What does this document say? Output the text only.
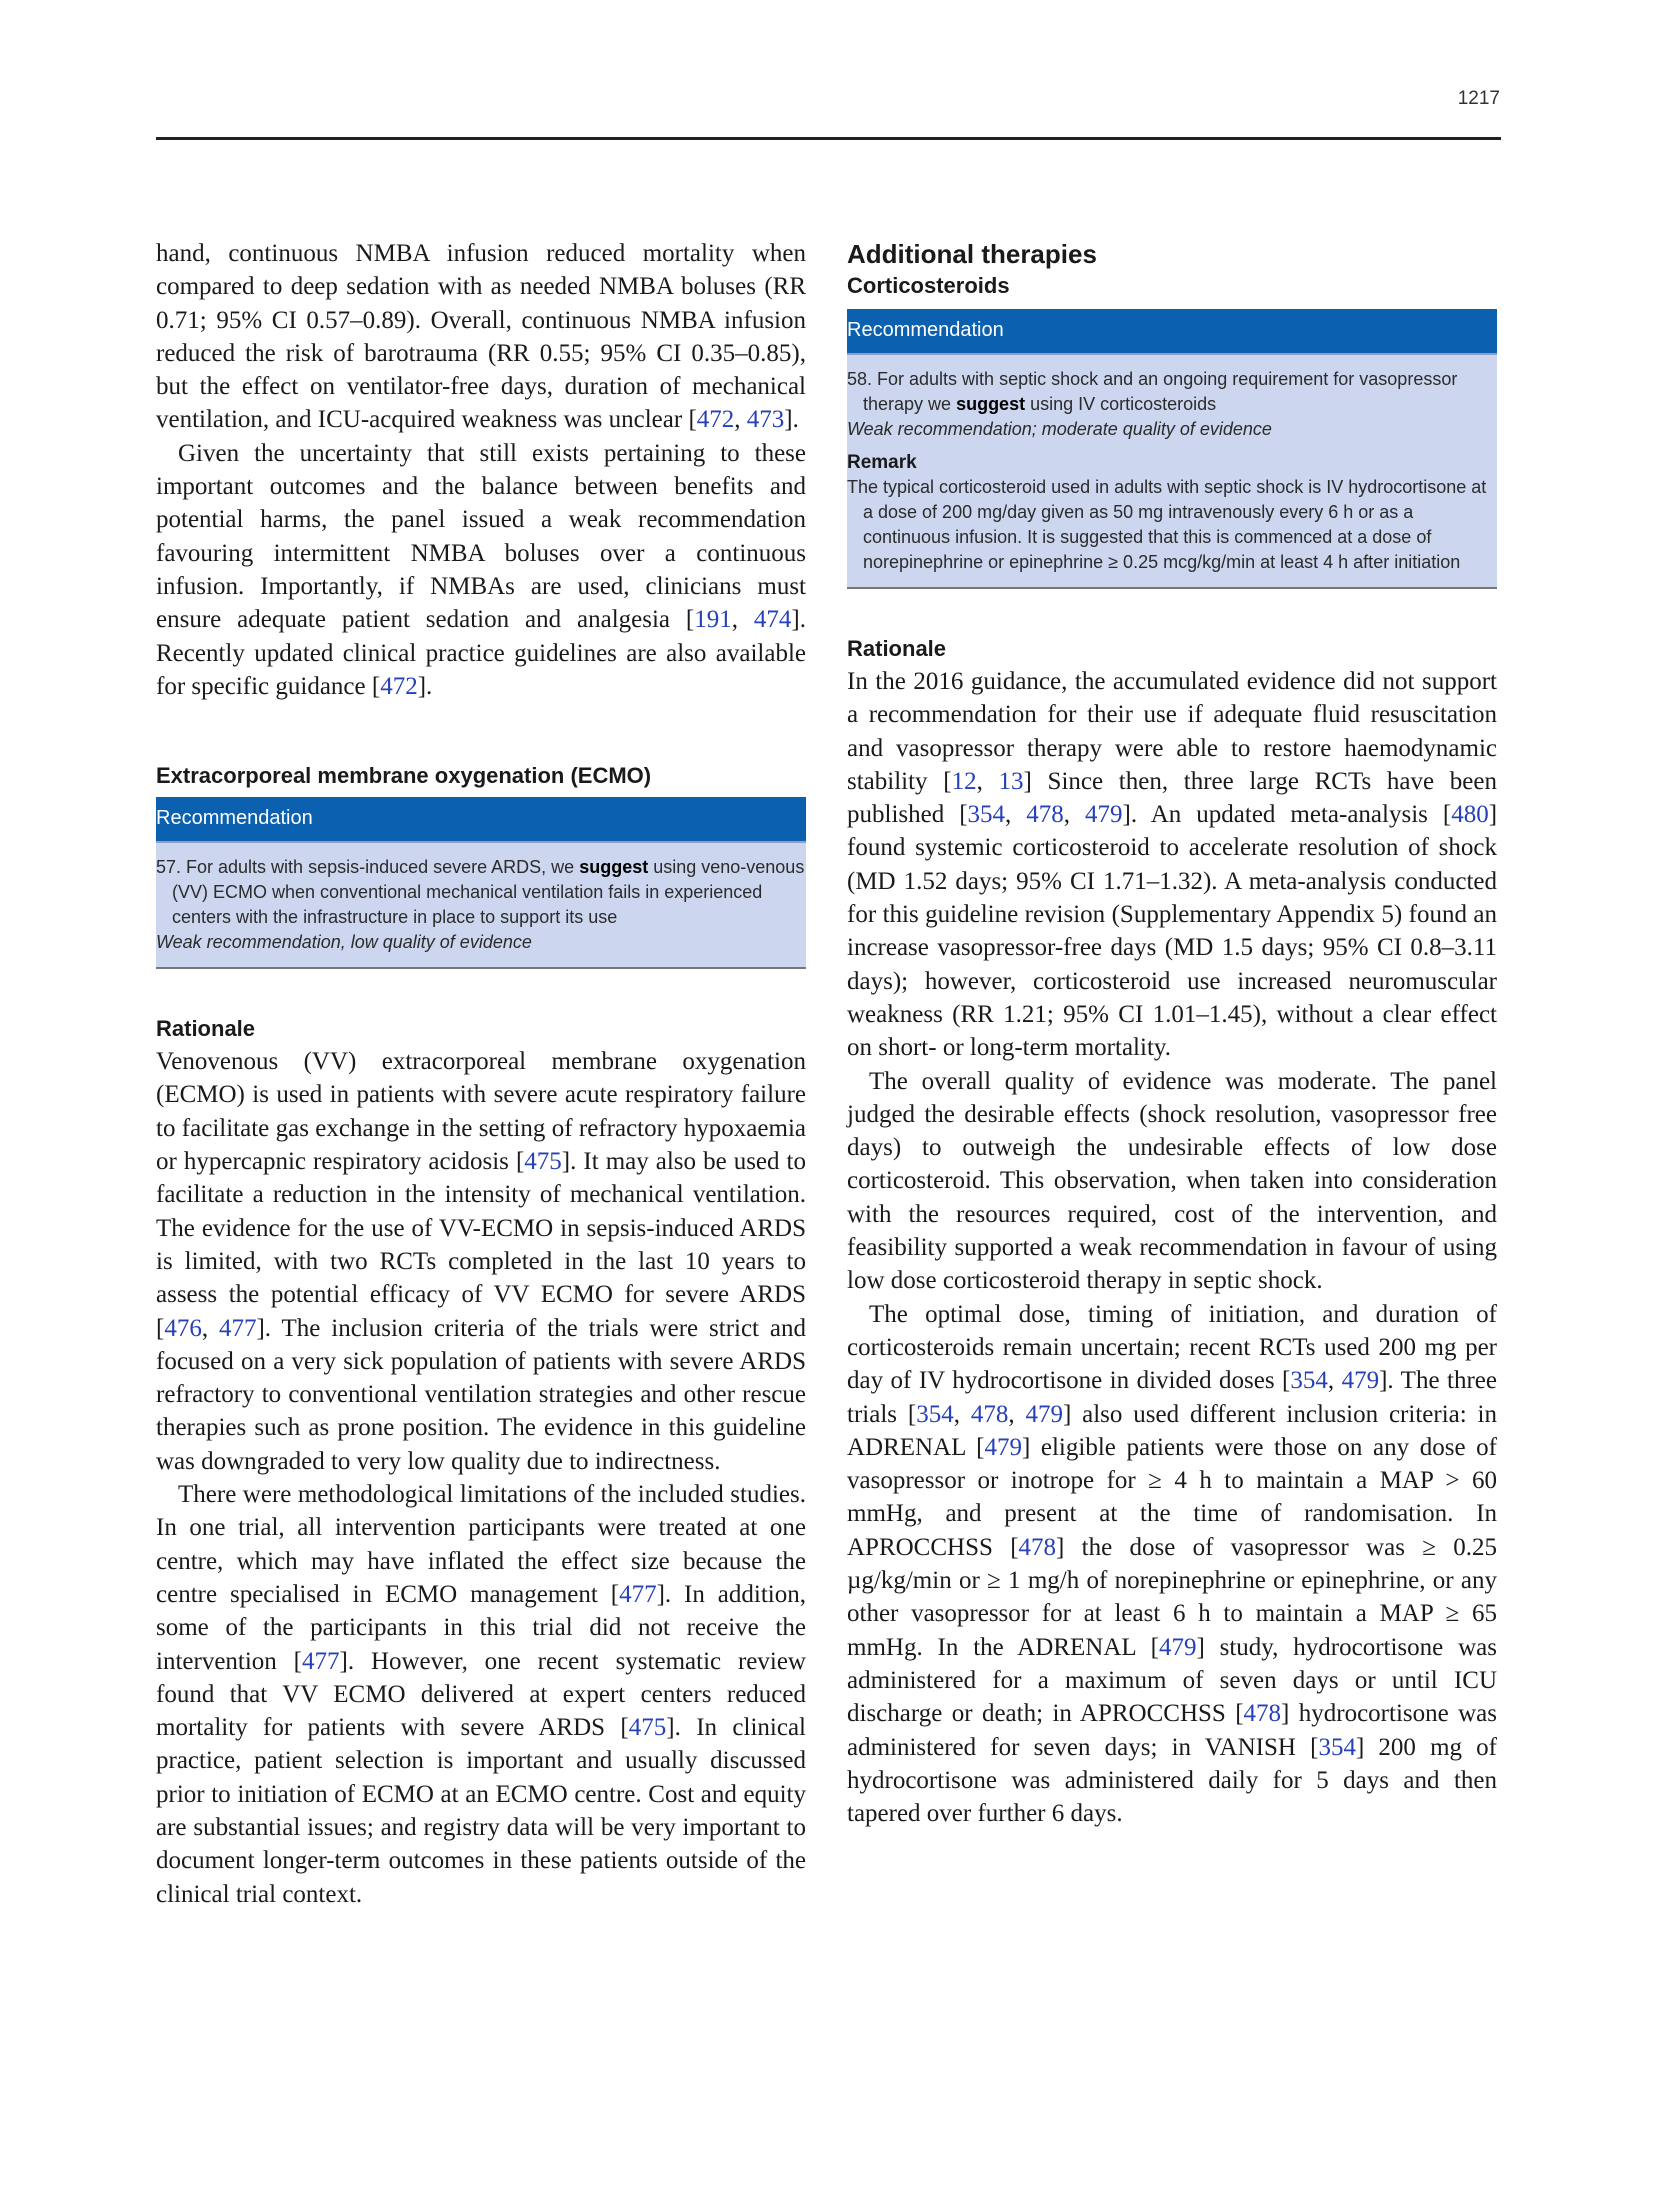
1217

hand, continuous NMBA infusion reduced mortality when compared to deep sedation with as needed NMBA boluses (RR 0.71; 95% CI 0.57–0.89). Overall, continuous NMBA infusion reduced the risk of barotrauma (RR 0.55; 95% CI 0.35–0.85), but the effect on ventilator-free days, duration of mechanical ventilation, and ICU-acquired weakness was unclear [472, 473].

Given the uncertainty that still exists pertaining to these important outcomes and the balance between benefits and potential harms, the panel issued a weak recommendation favouring intermittent NMBA boluses over a continuous infusion. Importantly, if NMBAs are used, clinicians must ensure adequate patient sedation and analgesia [191, 474]. Recently updated clinical practice guidelines are also available for specific guidance [472].

Extracorporeal membrane oxygenation (ECMO)
Recommendation

57. For adults with sepsis-induced severe ARDS, we suggest using veno-venous (VV) ECMO when conventional mechanical ventilation fails in experienced centers with the infrastructure in place to support its use

Weak recommendation, low quality of evidence

Rationale

Venovenous (VV) extracorporeal membrane oxygenation (ECMO) is used in patients with severe acute respiratory failure to facilitate gas exchange in the setting of refractory hypoxaemia or hypercapnic respiratory acidosis [475]. It may also be used to facilitate a reduction in the intensity of mechanical ventilation. The evidence for the use of VV-ECMO in sepsis-induced ARDS is limited, with two RCTs completed in the last 10 years to assess the potential efficacy of VV ECMO for severe ARDS [476, 477]. The inclusion criteria of the trials were strict and focused on a very sick population of patients with severe ARDS refractory to conventional ventilation strategies and other rescue therapies such as prone position. The evidence in this guideline was downgraded to very low quality due to indirectness.

There were methodological limitations of the included studies. In one trial, all intervention participants were treated at one centre, which may have inflated the effect size because the centre specialised in ECMO management [477]. In addition, some of the participants in this trial did not receive the intervention [477]. However, one recent systematic review found that VV ECMO delivered at expert centers reduced mortality for patients with severe ARDS [475]. In clinical practice, patient selection is important and usually discussed prior to initiation of ECMO at an ECMO centre. Cost and equity are substantial issues; and registry data will be very important to document longer-term outcomes in these patients outside of the clinical trial context.

Additional therapies
Corticosteroids
Recommendation

58. For adults with septic shock and an ongoing requirement for vasopressor therapy we suggest using IV corticosteroids

Weak recommendation; moderate quality of evidence

Remark

The typical corticosteroid used in adults with septic shock is IV hydrocortisone at a dose of 200 mg/day given as 50 mg intravenously every 6 h or as a continuous infusion. It is suggested that this is commenced at a dose of norepinephrine or epinephrine ≥ 0.25 mcg/kg/min at least 4 h after initiation

Rationale

In the 2016 guidance, the accumulated evidence did not support a recommendation for their use if adequate fluid resuscitation and vasopressor therapy were able to restore haemodynamic stability [12, 13] Since then, three large RCTs have been published [354, 478, 479]. An updated meta-analysis [480] found systemic corticosteroid to accelerate resolution of shock (MD 1.52 days; 95% CI 1.71–1.32). A meta-analysis conducted for this guideline revision (Supplementary Appendix 5) found an increase vasopressor-free days (MD 1.5 days; 95% CI 0.8–3.11 days); however, corticosteroid use increased neuromuscular weakness (RR 1.21; 95% CI 1.01–1.45), without a clear effect on short- or long-term mortality.

The overall quality of evidence was moderate. The panel judged the desirable effects (shock resolution, vasopressor free days) to outweigh the undesirable effects of low dose corticosteroid. This observation, when taken into consideration with the resources required, cost of the intervention, and feasibility supported a weak recommendation in favour of using low dose corticosteroid therapy in septic shock.

The optimal dose, timing of initiation, and duration of corticosteroids remain uncertain; recent RCTs used 200 mg per day of IV hydrocortisone in divided doses [354, 479]. The three trials [354, 478, 479] also used different inclusion criteria: in ADRENAL [479] eligible patients were those on any dose of vasopressor or inotrope for ≥ 4 h to maintain a MAP > 60 mmHg, and present at the time of randomisation. In APROCCHSS [478] the dose of vasopressor was ≥ 0.25 µg/kg/min or ≥ 1 mg/h of norepinephrine or epinephrine, or any other vasopressor for at least 6 h to maintain a MAP ≥ 65 mmHg. In the ADRENAL [479] study, hydrocortisone was administered for a maximum of seven days or until ICU discharge or death; in APROCCHSS [478] hydrocortisone was administered for seven days; in VANISH [354] 200 mg of hydrocortisone was administered daily for 5 days and then tapered over further 6 days.
